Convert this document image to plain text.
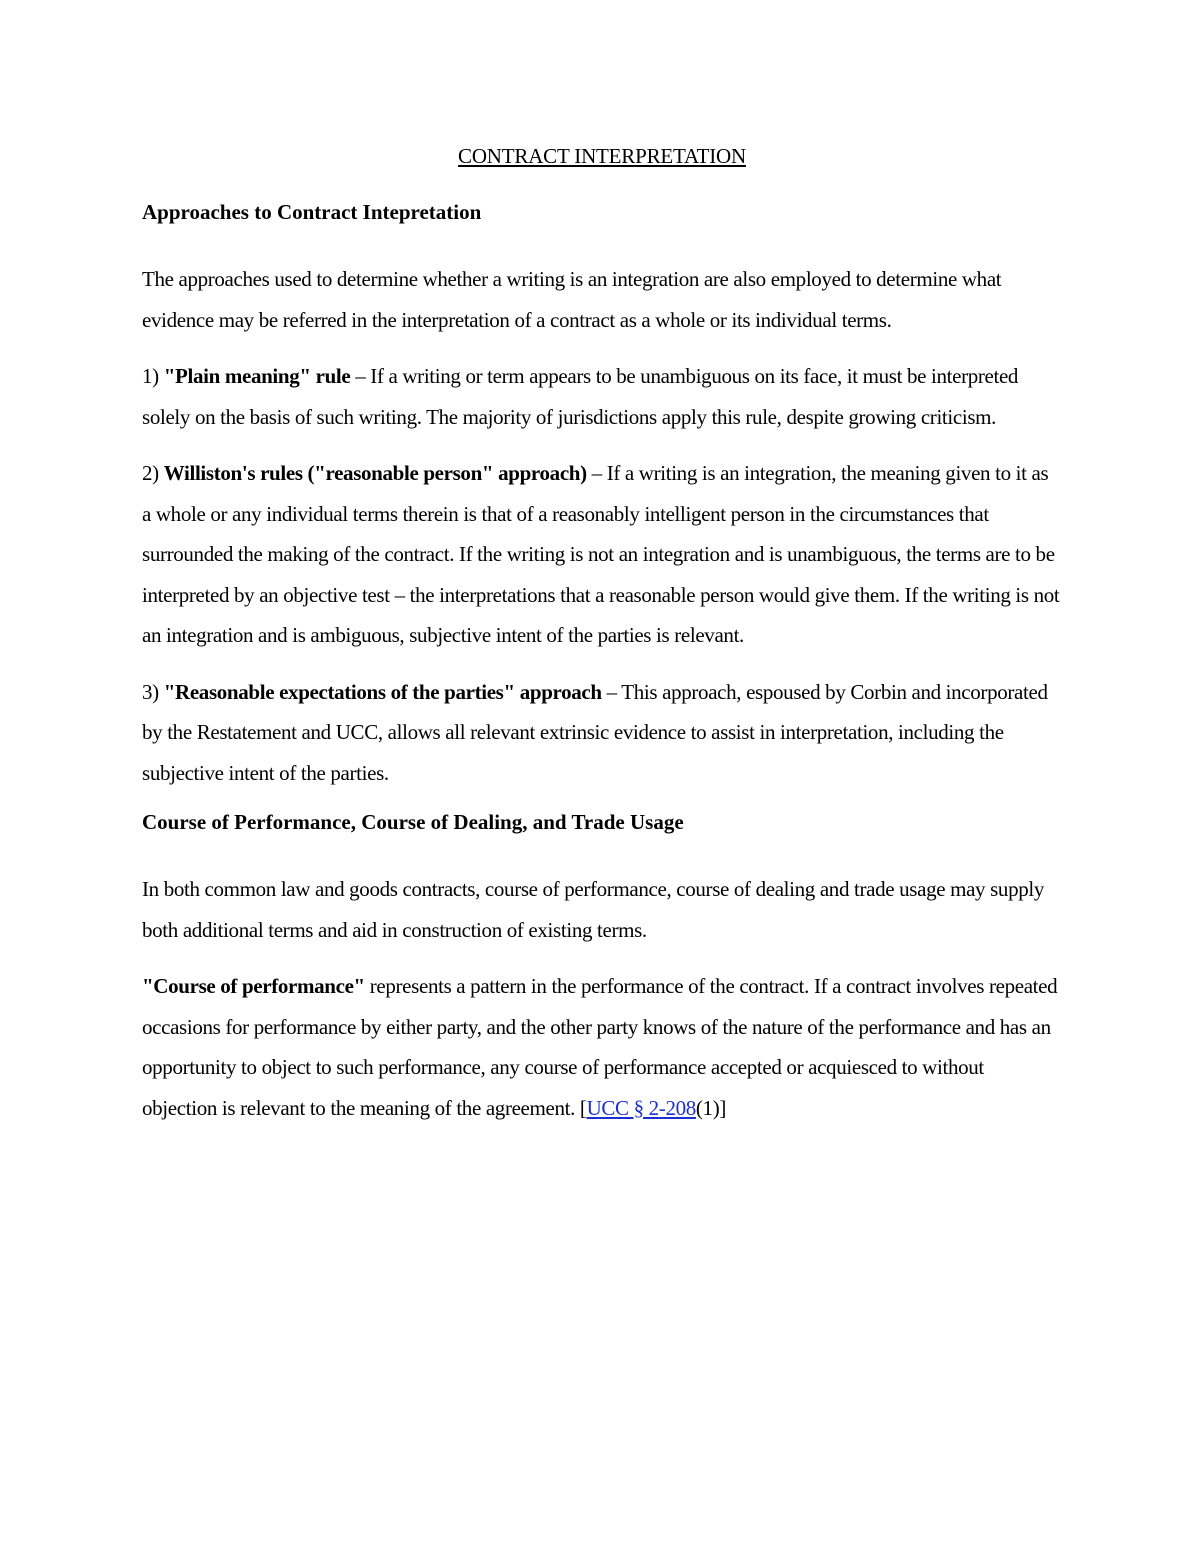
CONTRACT INTERPRETATION
Approaches to Contract Intepretation

The approaches used to determine whether a writing is an integration are also employed to determine what evidence may be referred in the interpretation of a contract as a whole or its individual terms.

1) "Plain meaning" rule – If a writing or term appears to be unambiguous on its face, it must be interpreted solely on the basis of such writing. The majority of jurisdictions apply this rule, despite growing criticism.

2) Williston's rules ("reasonable person" approach) – If a writing is an integration, the meaning given to it as a whole or any individual terms therein is that of a reasonably intelligent person in the circumstances that surrounded the making of the contract. If the writing is not an integration and is unambiguous, the terms are to be interpreted by an objective test – the interpretations that a reasonable person would give them. If the writing is not an integration and is ambiguous, subjective intent of the parties is relevant.

3) "Reasonable expectations of the parties" approach – This approach, espoused by Corbin and incorporated by the Restatement and UCC, allows all relevant extrinsic evidence to assist in interpretation, including the subjective intent of the parties.

Course of Performance, Course of Dealing, and Trade Usage

In both common law and goods contracts, course of performance, course of dealing and trade usage may supply both additional terms and aid in construction of existing terms.

"Course of performance" represents a pattern in the performance of the contract. If a contract involves repeated occasions for performance by either party, and the other party knows of the nature of the performance and has an opportunity to object to such performance, any course of performance accepted or acquiesced to without objection is relevant to the meaning of the agreement. [UCC § 2-208(1)]
